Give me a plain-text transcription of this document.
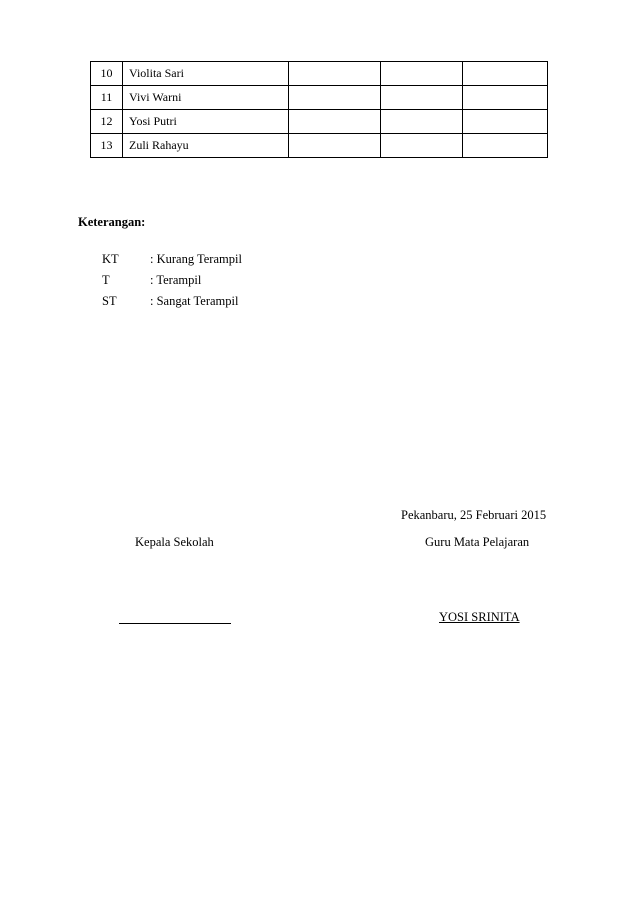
10	Violita Sari			
11	Vivi Warni			
12	Yosi Putri			
13	Zuli Rahayu			
Keterangan:
KT	: Kurang Terampil
T	: Terampil
ST	: Sangat Terampil
Pekanbaru, 25 Februari 2015
Kepala Sekolah	Guru Mata Pelajaran
YOSI SRINITA
